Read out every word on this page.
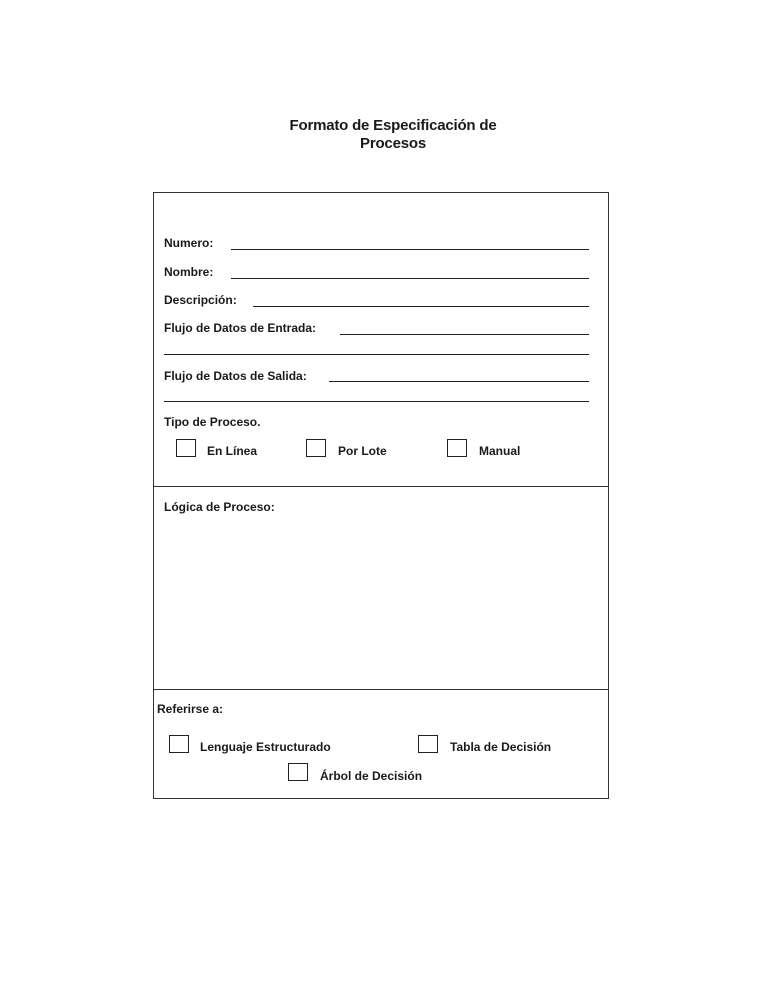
Formato de Especificación de
Procesos
Numero:
Nombre:
Descripción:
Flujo de Datos de Entrada:
Flujo de Datos de Salida:
Tipo de Proceso.
En Línea	Por Lote	Manual
Lógica de Proceso:
Referirse a:
Lenguaje Estructurado	Tabla de Decisión
Árbol de Decisión
